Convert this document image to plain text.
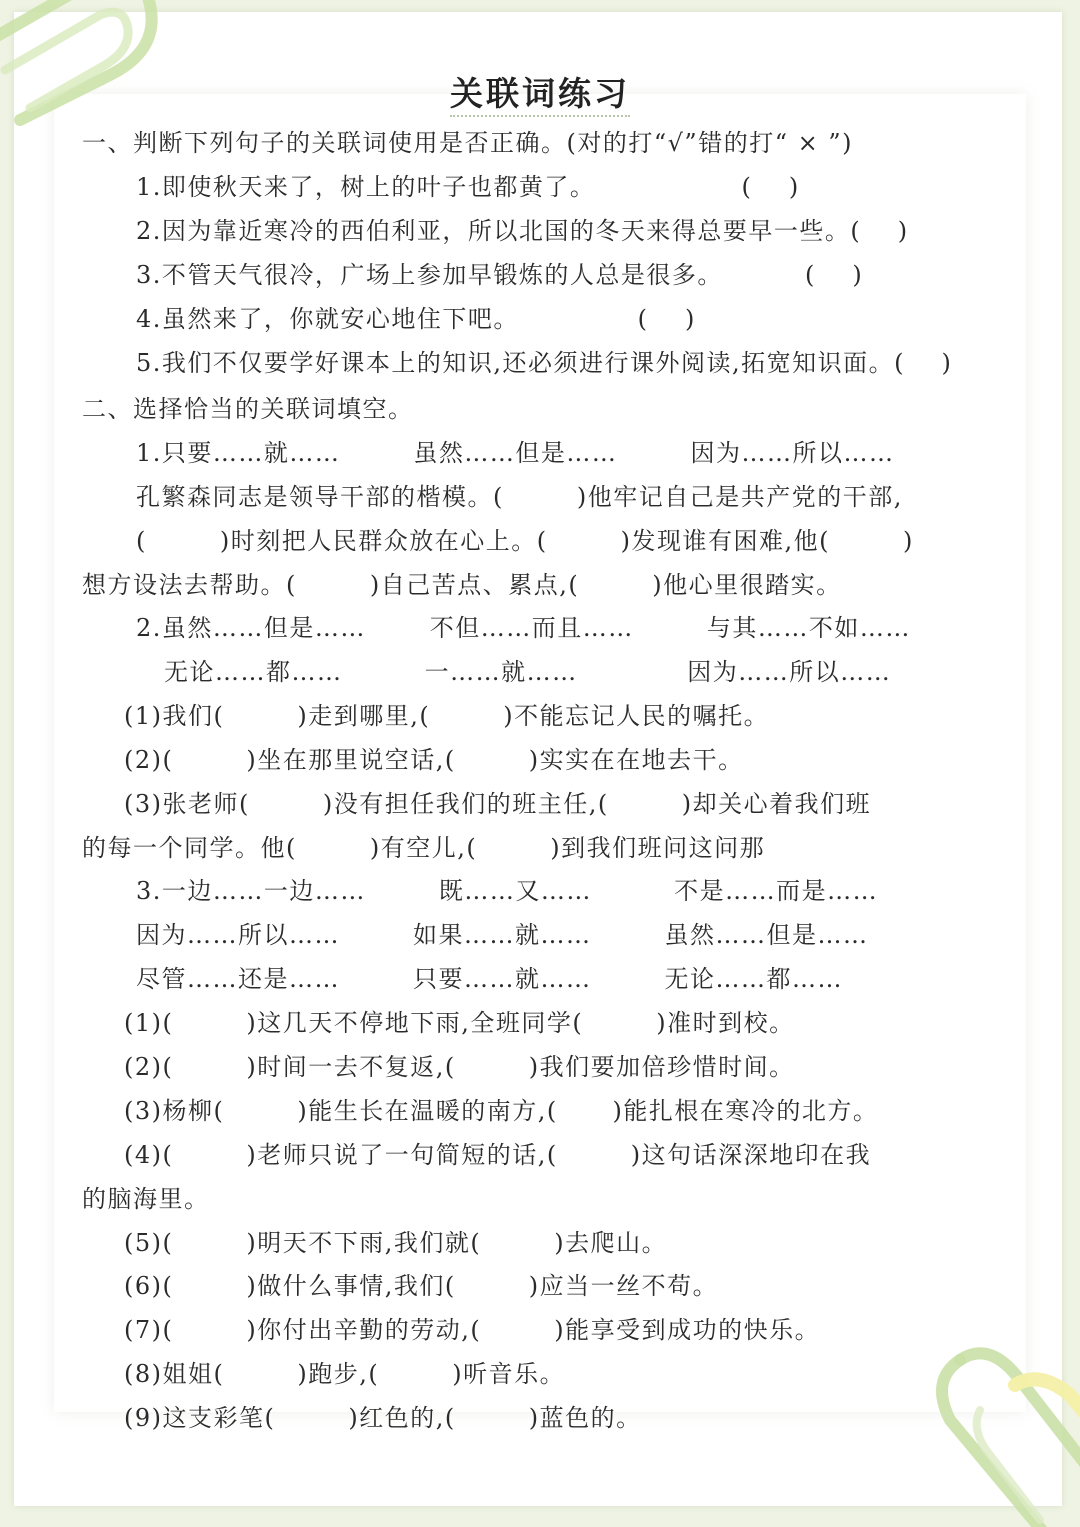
关联词练习
一、判断下列句子的关联词使用是否正确。(对的打“√”错的打“ × ”)
1.即使秋天来了，树上的叶子也都黄了。                (    )
2.因为靠近寒冷的西伯利亚，所以北国的冬天来得总要早一些。(    )
3.不管天气很冷，广场上参加早锻炼的人总是很多。         (    )
4.虽然来了，你就安心地住下吧。             (    )
5.我们不仅要学好课本上的知识,还必须进行课外阅读,拓宽知识面。(    )
二、选择恰当的关联词填空。
1.只要……就……        虽然……但是……        因为……所以……
孔繁森同志是领导干部的楷模。(        )他牢记自己是共产党的干部,
(        )时刻把人民群众放在心上。(        )发现谁有困难,他(        )
想方设法去帮助。(        )自己苦点、累点,(        )他心里很踏实。
2.虽然……但是……       不但……而且……        与其……不如……
无论……都……         一……就……            因为……所以……
(1)我们(        )走到哪里,(        )不能忘记人民的嘱托。
(2)(        )坐在那里说空话,(        )实实在在地去干。
(3)张老师(        )没有担任我们的班主任,(        )却关心着我们班
的每一个同学。他(        )有空儿,(        )到我们班问这问那
3.一边……一边……        既……又……         不是……而是……
因为……所以……        如果……就……        虽然……但是……
尽管……还是……        只要……就……        无论……都……
(1)(        )这几天不停地下雨,全班同学(        )准时到校。
(2)(        )时间一去不复返,(        )我们要加倍珍惜时间。
(3)杨柳(        )能生长在温暖的南方,(      )能扎根在寒冷的北方。
(4)(        )老师只说了一句简短的话,(        )这句话深深地印在我
的脑海里。
(5)(        )明天不下雨,我们就(        )去爬山。
(6)(        )做什么事情,我们(        )应当一丝不苟。
(7)(        )你付出辛勤的劳动,(        )能享受到成功的快乐。
(8)姐姐(        )跑步,(        )听音乐。
(9)这支彩笔(        )红色的,(        )蓝色的。
